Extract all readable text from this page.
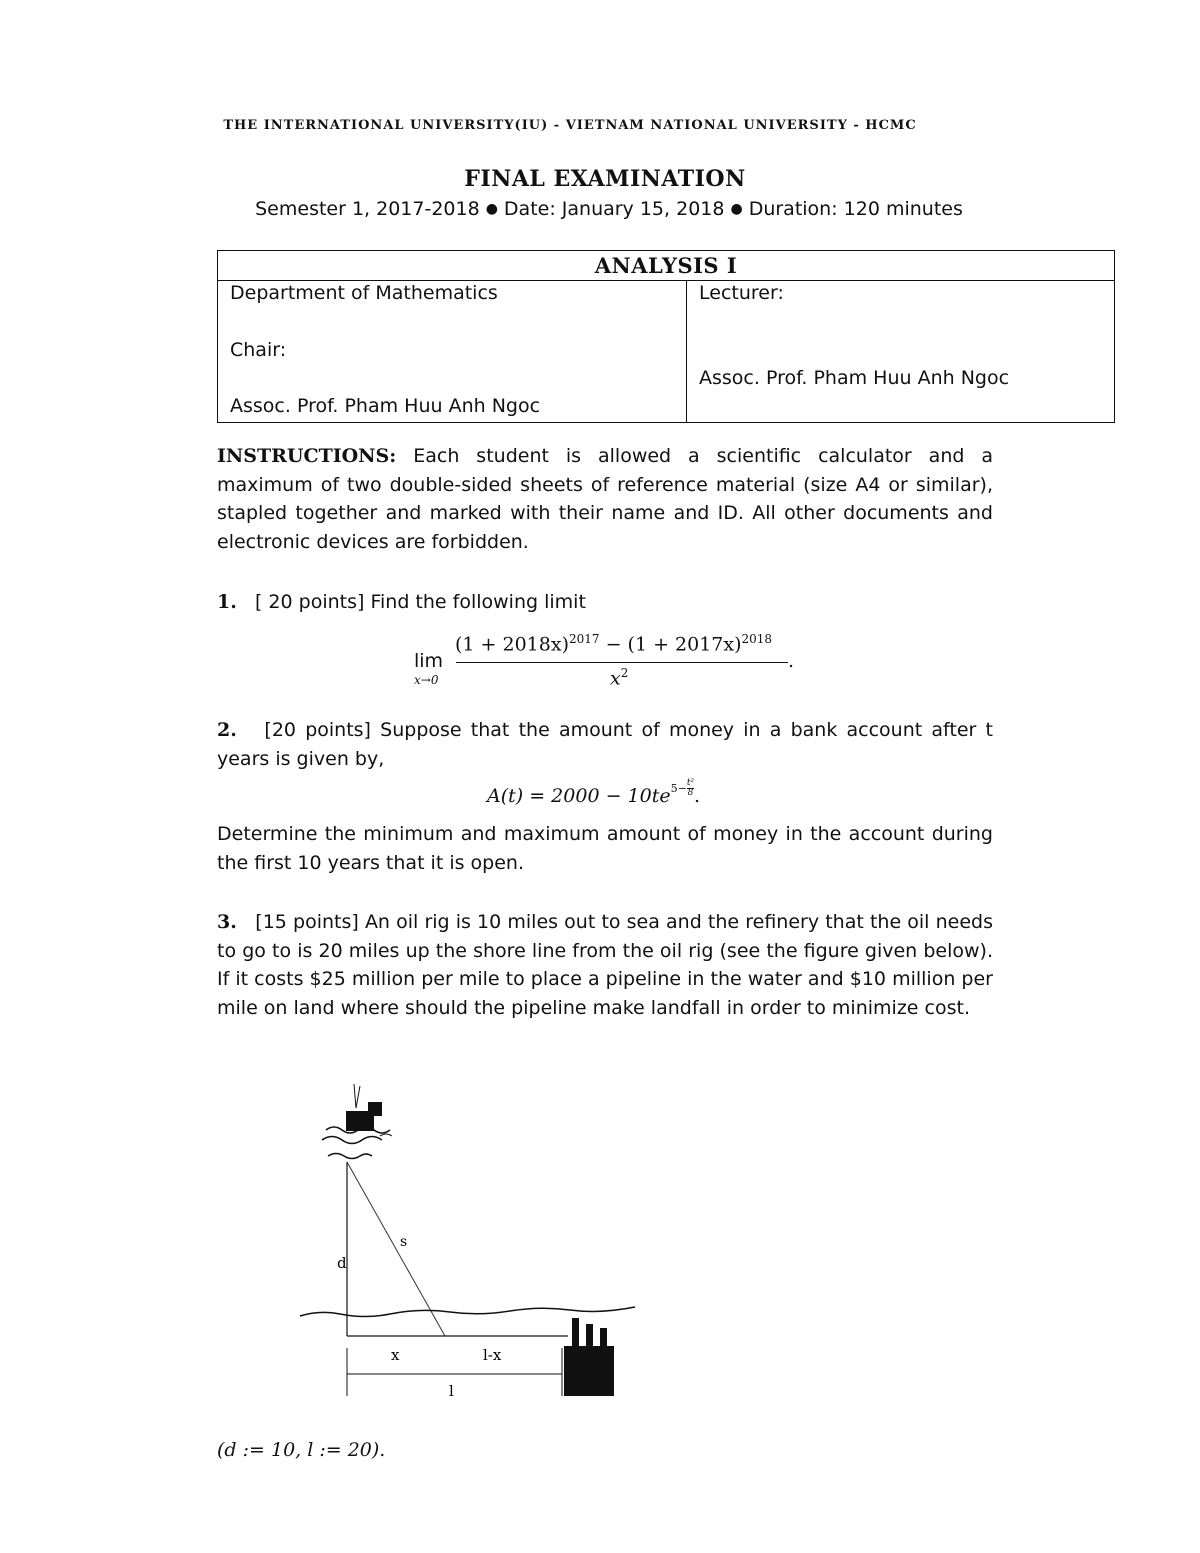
THE INTERNATIONAL UNIVERSITY(IU) - VIETNAM NATIONAL UNIVERSITY - HCMC
FINAL EXAMINATION
Semester 1, 2017-2018 ● Date: January 15, 2018 ● Duration: 120 minutes
ANALYSIS I
Department of Mathematics
Chair:
Assoc. Prof. Pham Huu Anh Ngoc
Lecturer:
Assoc. Prof. Pham Huu Anh Ngoc
INSTRUCTIONS: Each student is allowed a scientific calculator and a maximum of two double-sided sheets of reference material (size A4 or similar), stapled together and marked with their name and ID. All other documents and electronic devices are forbidden.
1. [ 20 points] Find the following limit
lim
x→0
$(1 + 2018x)^{2017} - (1 + 2017x)^{2018}$
$x^2$
.
2. [20 points] Suppose that the amount of money in a bank account after t years is given by,
$A(t) = 2000 - 10te^{5- \frac{\text{t²}}{8}}$ .
Determine the minimum and maximum amount of money in the account during the first 10 years that it is open.
3. [15 points] An oil rig is 10 miles out to sea and the refinery that the oil needs to go to is 20 miles up the shore line from the oil rig (see the figure given below). If it costs $25 million per mile to place a pipeline in the water and $10 million per mile on land where should the pipeline make landfall in order to minimize cost.
d
s
x	l-x
l
(d := 10, l := 20).
